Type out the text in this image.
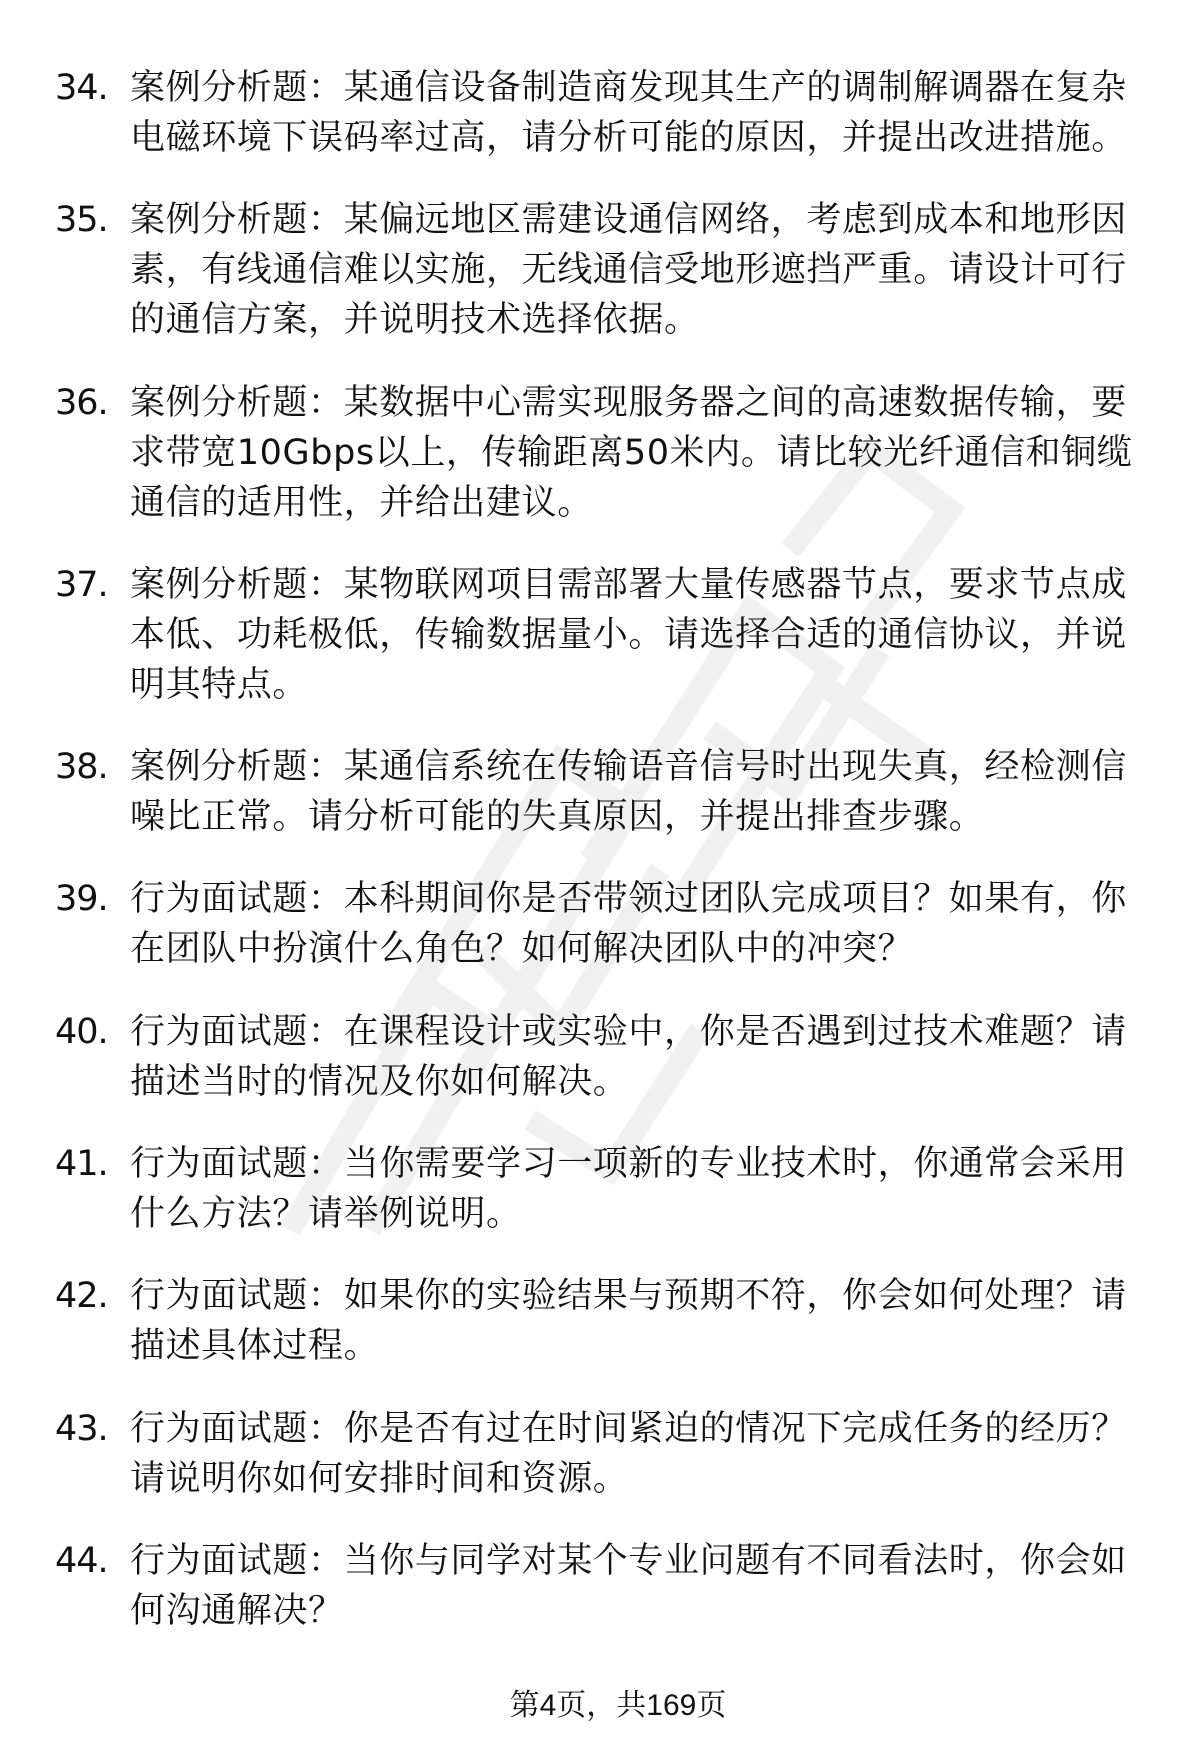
34. 案例分析题：某通信设备制造商发现其生产的调制解调器在复杂电磁环境下误码率过高，请分析可能的原因，并提出改进措施。
35. 案例分析题：某偏远地区需建设通信网络，考虑到成本和地形因素，有线通信难以实施，无线通信受地形遮挡严重。请设计可行的通信方案，并说明技术选择依据。
36. 案例分析题：某数据中心需实现服务器之间的高速数据传输，要求带宽10Gbps以上，传输距离50米内。请比较光纤通信和铜缆通信的适用性，并给出建议。
37. 案例分析题：某物联网项目需部署大量传感器节点，要求节点成本低、功耗极低，传输数据量小。请选择合适的通信协议，并说明其特点。
38. 案例分析题：某通信系统在传输语音信号时出现失真，经检测信噪比正常。请分析可能的失真原因，并提出排查步骤。
39. 行为面试题：本科期间你是否带领过团队完成项目？如果有，你在团队中扮演什么角色？如何解决团队中的冲突？
40. 行为面试题：在课程设计或实验中，你是否遇到过技术难题？请描述当时的情况及你如何解决。
41. 行为面试题：当你需要学习一项新的专业技术时，你通常会采用什么方法？请举例说明。
42. 行为面试题：如果你的实验结果与预期不符，你会如何处理？请描述具体过程。
43. 行为面试题：你是否有过在时间紧迫的情况下完成任务的经历？请说明你如何安排时间和资源。
44. 行为面试题：当你与同学对某个专业问题有不同看法时，你会如何沟通解决？
第4页，共169页
